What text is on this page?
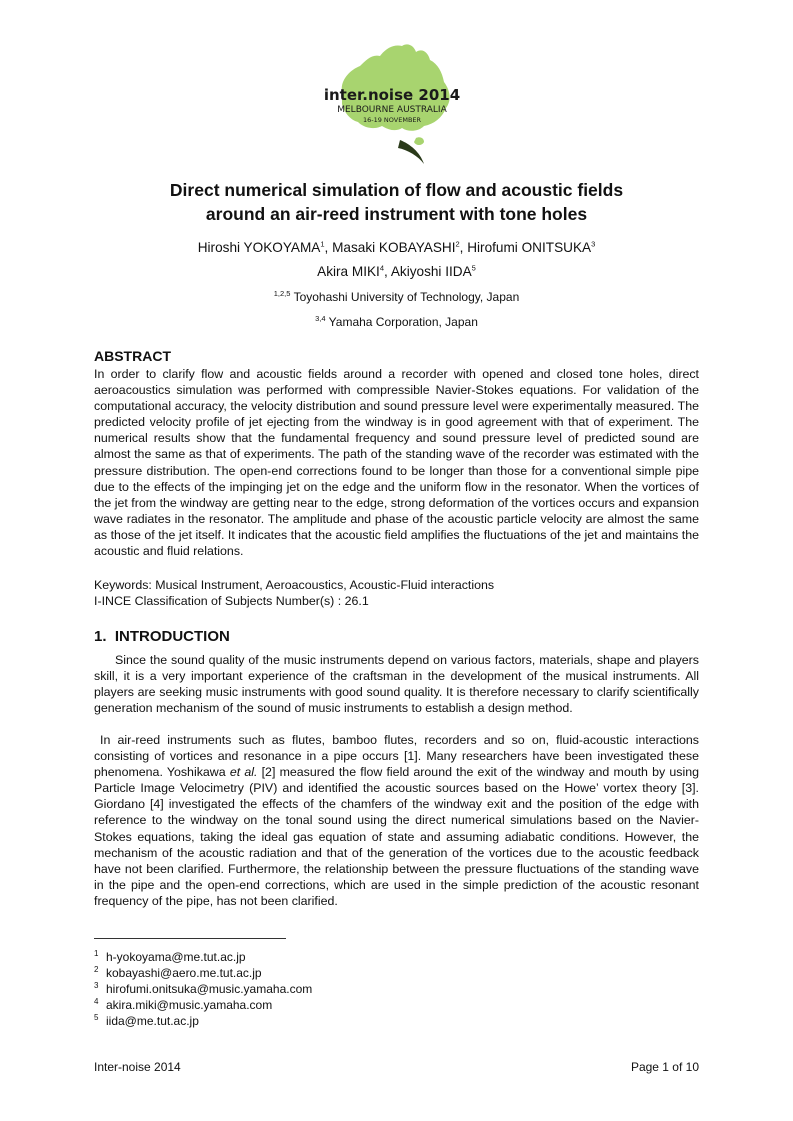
inter.noise 2014
MELBOURNE AUSTRALIA
16-19 NOVEMBER
Direct numerical simulation of flow and acoustic fields
around an air-reed instrument with tone holes
Hiroshi YOKOYAMA$^1$, Masaki KOBAYASHI$^2$, Hirofumi ONITSUKA$^3$
Akira MIKI$^4$, Akiyoshi IIDA$^5$
$^{1,2,5}$ Toyohashi University of Technology, Japan
$^{3,4}$ Yamaha Corporation, Japan
ABSTRACT

In order to clarify flow and acoustic fields around a recorder with opened and closed tone holes, direct aeroacoustics simulation was performed with compressible Navier-Stokes equations. For validation of the computational accuracy, the velocity distribution and sound pressure level were experimentally measured. The predicted velocity profile of jet ejecting from the windway is in good agreement with that of experiment. The numerical results show that the fundamental frequency and sound pressure level of predicted sound are almost the same as that of experiments. The path of the standing wave of the recorder was estimated with the pressure distribution. The open-end corrections found to be longer than those for a conventional simple pipe due to the effects of the impinging jet on the edge and the uniform flow in the resonator. When the vortices of the jet from the windway are getting near to the edge, strong deformation of the vortices occurs and expansion wave radiates in the resonator. The amplitude and phase of the acoustic particle velocity are almost the same as those of the jet itself. It indicates that the acoustic field amplifies the fluctuations of the jet and maintains the acoustic and fluid relations.

Keywords: Musical Instrument, Aeroacoustics, Acoustic-Fluid interactions
I-INCE Classification of Subjects Number(s) : 26.1
1.  INTRODUCTION

Since the sound quality of the music instruments depend on various factors, materials, shape and players skill, it is a very important experience of the craftsman in the development of the musical instruments. All players are seeking music instruments with good sound quality. It is therefore necessary to clarify scientifically generation mechanism of the sound of music instruments to establish a design method.

In air-reed instruments such as flutes, bamboo flutes, recorders and so on, fluid-acoustic interactions consisting of vortices and resonance in a pipe occurs [1]. Many researchers have been investigated these phenomena. Yoshikawa et al. [2] measured the flow field around the exit of the windway and mouth by using Particle Image Velocimetry (PIV) and identified the acoustic sources based on the Howe’ vortex theory [3]. Giordano [4] investigated the effects of the chamfers of the windway exit and the position of the edge with reference to the windway on the tonal sound using the direct numerical simulations based on the Navier-Stokes equations, taking the ideal gas equation of state and assuming adiabatic conditions. However, the mechanism of the acoustic radiation and that of the generation of the vortices due to the acoustic feedback have not been clarified. Furthermore, the relationship between the pressure fluctuations of the standing wave in the pipe and the open-end corrections, which are used in the simple prediction of the acoustic resonant frequency of the pipe, has not been clarified.

1 h-yokoyama@me.tut.ac.jp
2 kobayashi@aero.me.tut.ac.jp
3 hirofumi.onitsuka@music.yamaha.com
4 akira.miki@music.yamaha.com
5 iida@me.tut.ac.jp
Inter-noise 2014	Page 1 of 10
